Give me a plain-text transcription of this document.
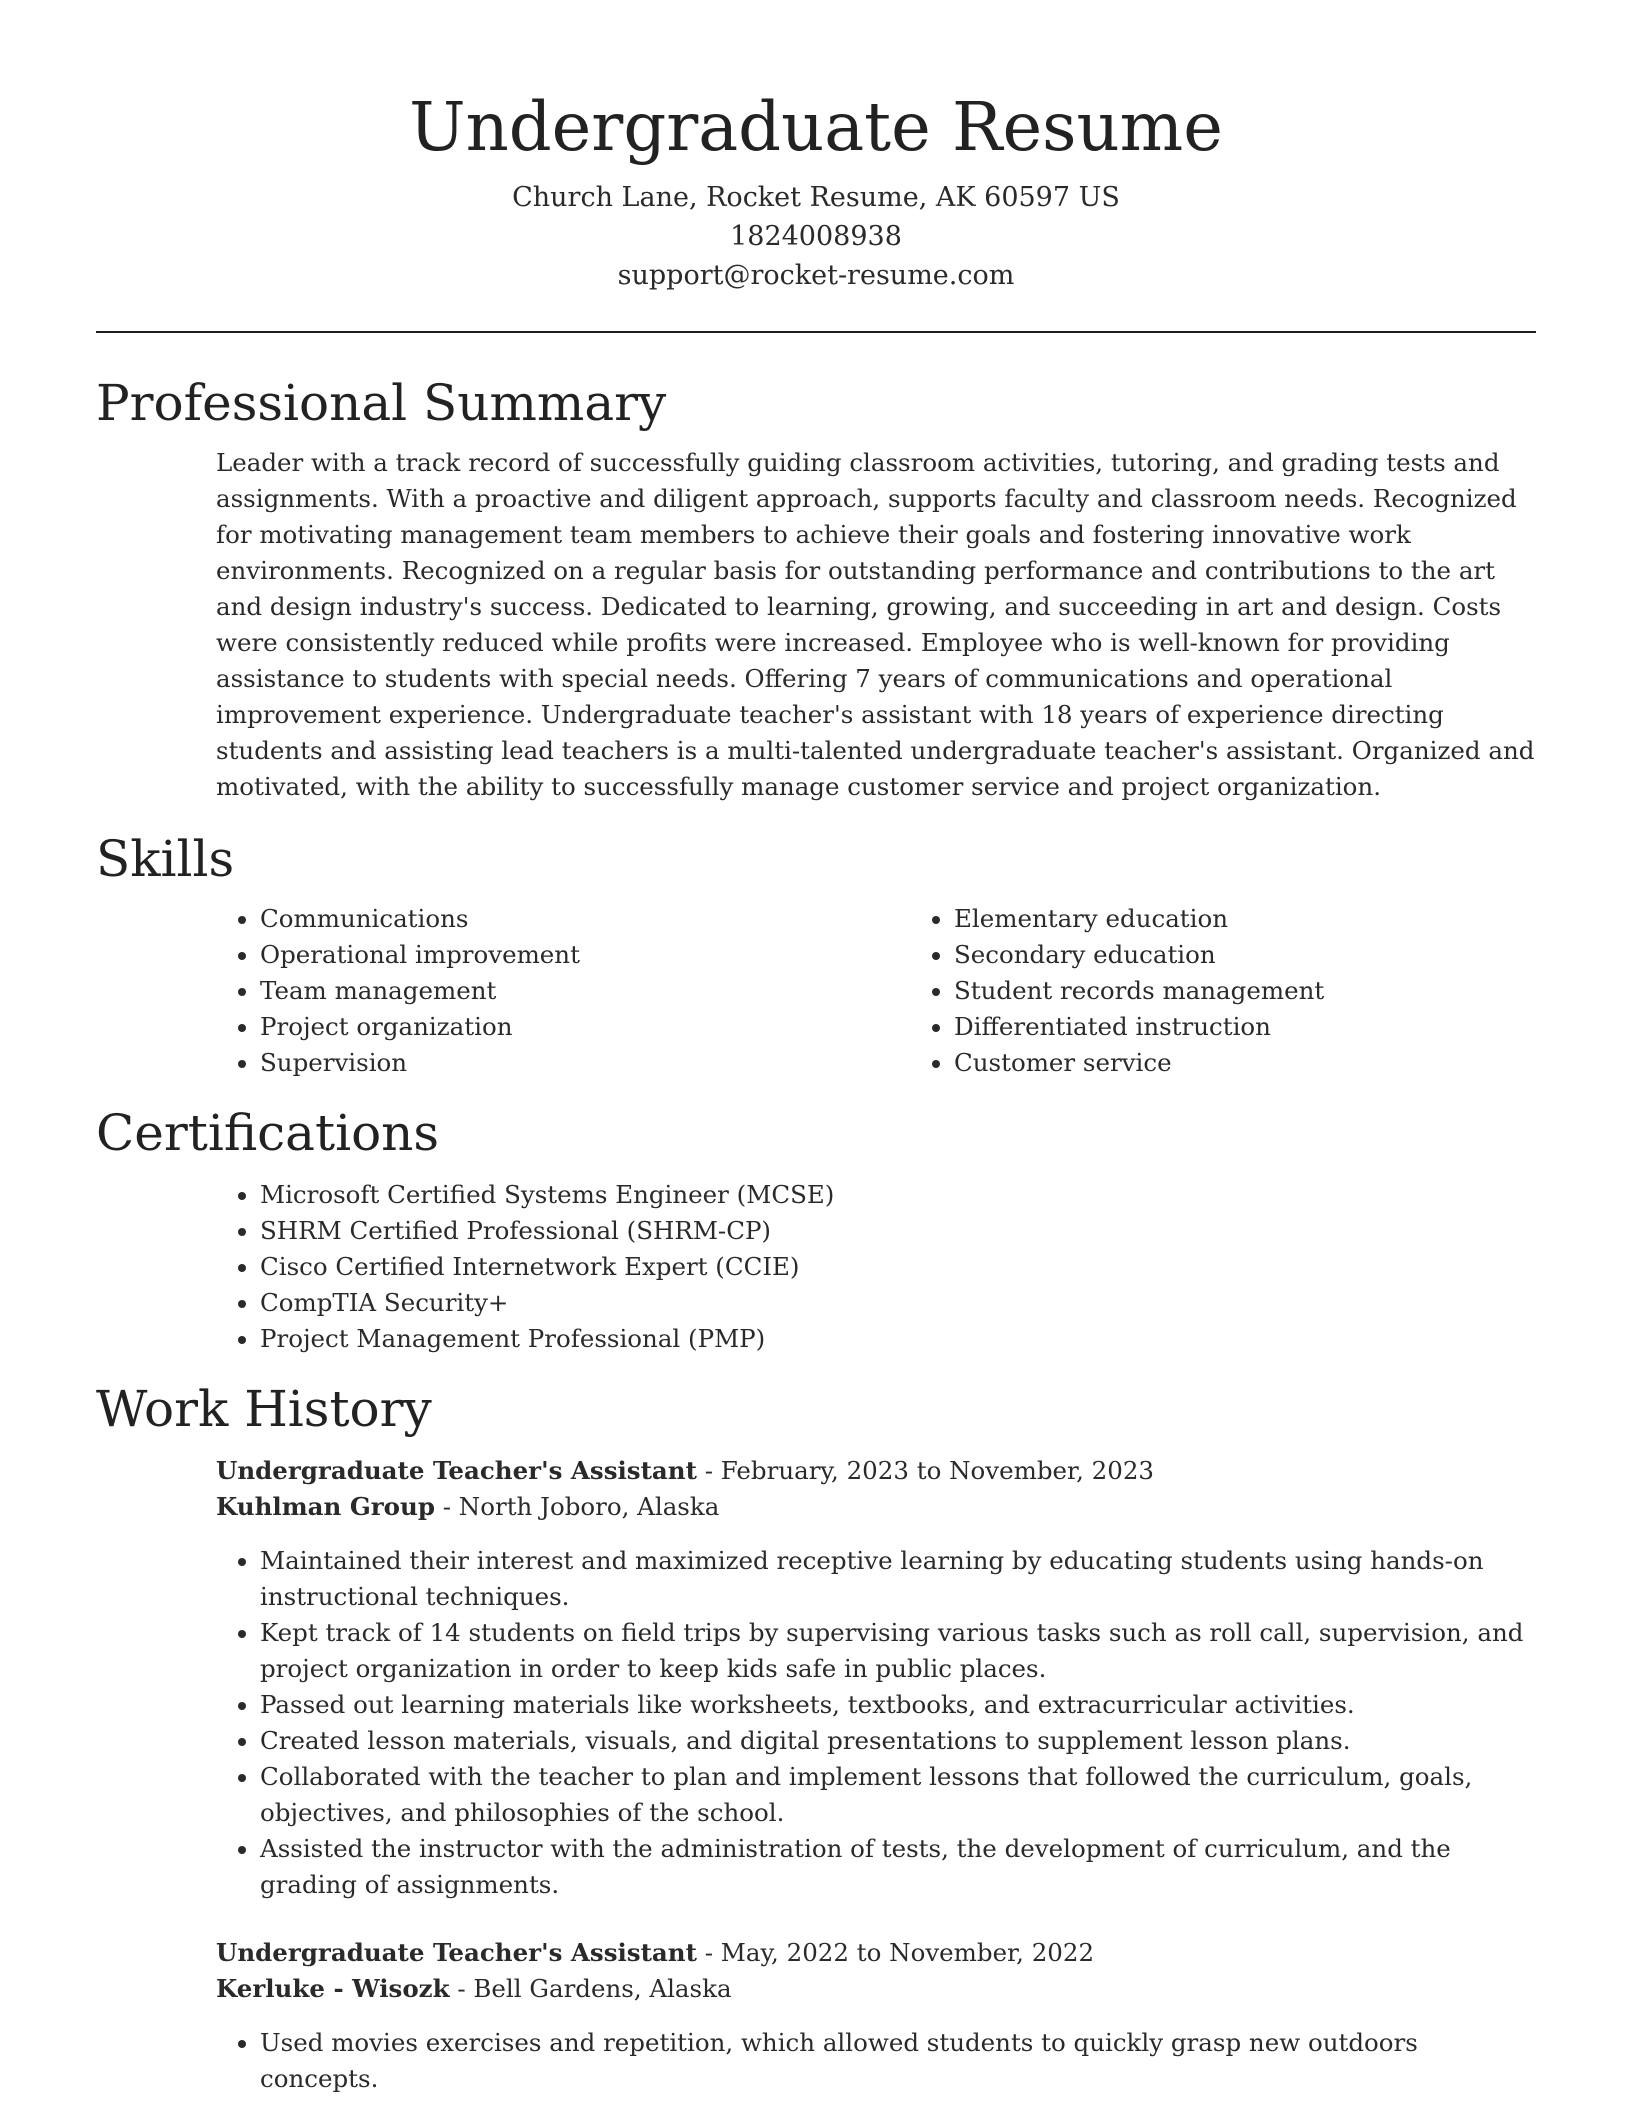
Undergraduate Resume
Church Lane, Rocket Resume, AK 60597 US
1824008938
support@rocket-resume.com
Professional Summary
Leader with a track record of successfully guiding classroom activities, tutoring, and grading tests and assignments. With a proactive and diligent approach, supports faculty and classroom needs. Recognized for motivating management team members to achieve their goals and fostering innovative work environments. Recognized on a regular basis for outstanding performance and contributions to the art and design industry's success. Dedicated to learning, growing, and succeeding in art and design. Costs were consistently reduced while profits were increased. Employee who is well-known for providing assistance to students with special needs. Offering 7 years of communications and operational improvement experience. Undergraduate teacher's assistant with 18 years of experience directing students and assisting lead teachers is a multi-talented undergraduate teacher's assistant. Organized and motivated, with the ability to successfully manage customer service and project organization.
Skills
• Communications
• Operational improvement
• Team management
• Project organization
• Supervision
• Elementary education
• Secondary education
• Student records management
• Differentiated instruction
• Customer service
Certifications
• Microsoft Certified Systems Engineer (MCSE)
• SHRM Certified Professional (SHRM-CP)
• Cisco Certified Internetwork Expert (CCIE)
• CompTIA Security+
• Project Management Professional (PMP)
Work History
Undergraduate Teacher's Assistant - February, 2023 to November, 2023
Kuhlman Group - North Joboro, Alaska
• Maintained their interest and maximized receptive learning by educating students using hands-on instructional techniques.
• Kept track of 14 students on field trips by supervising various tasks such as roll call, supervision, and project organization in order to keep kids safe in public places.
• Passed out learning materials like worksheets, textbooks, and extracurricular activities.
• Created lesson materials, visuals, and digital presentations to supplement lesson plans.
• Collaborated with the teacher to plan and implement lessons that followed the curriculum, goals, objectives, and philosophies of the school.
• Assisted the instructor with the administration of tests, the development of curriculum, and the grading of assignments.
Undergraduate Teacher's Assistant - May, 2022 to November, 2022
Kerluke - Wisozk - Bell Gardens, Alaska
• Used movies exercises and repetition, which allowed students to quickly grasp new outdoors concepts.
